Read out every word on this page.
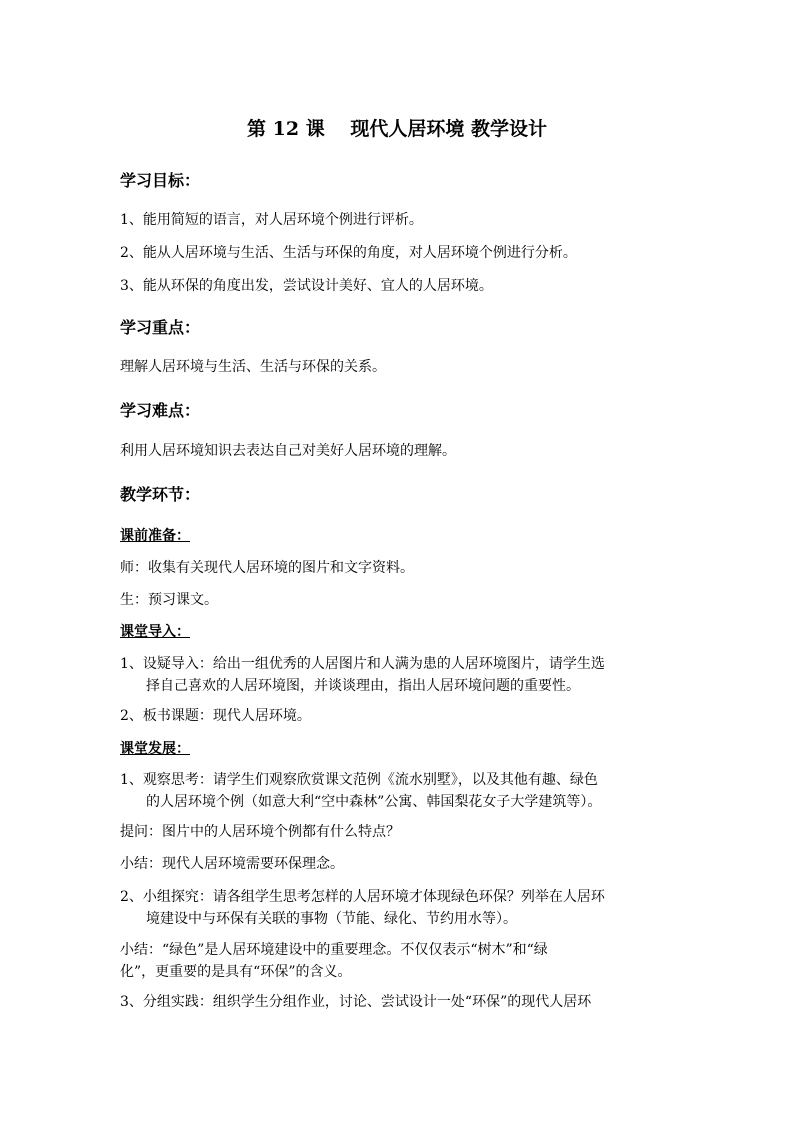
第 12 课　 现代人居环境 教学设计
学习目标：
1、能用简短的语言，对人居环境个例进行评析。
2、能从人居环境与生活、生活与环保的角度，对人居环境个例进行分析。
3、能从环保的角度出发，尝试设计美好、宜人的人居环境。
学习重点：
理解人居环境与生活、生活与环保的关系。
学习难点：
利用人居环境知识去表达自己对美好人居环境的理解。
教学环节：
课前准备：
师：收集有关现代人居环境的图片和文字资料。
生：预习课文。
课堂导入：
1、设疑导入：给出一组优秀的人居图片和人满为患的人居环境图片，请学生选
择自己喜欢的人居环境图，并谈谈理由，指出人居环境问题的重要性。
2、板书课题：现代人居环境。
课堂发展：
1、观察思考：请学生们观察欣赏课文范例《流水别墅》，以及其他有趣、绿色
的人居环境个例（如意大利“空中森林”公寓、韩国梨花女子大学建筑等）。
提问：图片中的人居环境个例都有什么特点？
小结：现代人居环境需要环保理念。
2、小组探究：请各组学生思考怎样的人居环境才体现绿色环保？列举在人居环
境建设中与环保有关联的事物（节能、绿化、节约用水等）。
小结：“绿色”是人居环境建设中的重要理念。不仅仅表示“树木”和“绿
化”，更重要的是具有“环保”的含义。
3、分组实践：组织学生分组作业，讨论、尝试设计一处“环保”的现代人居环
